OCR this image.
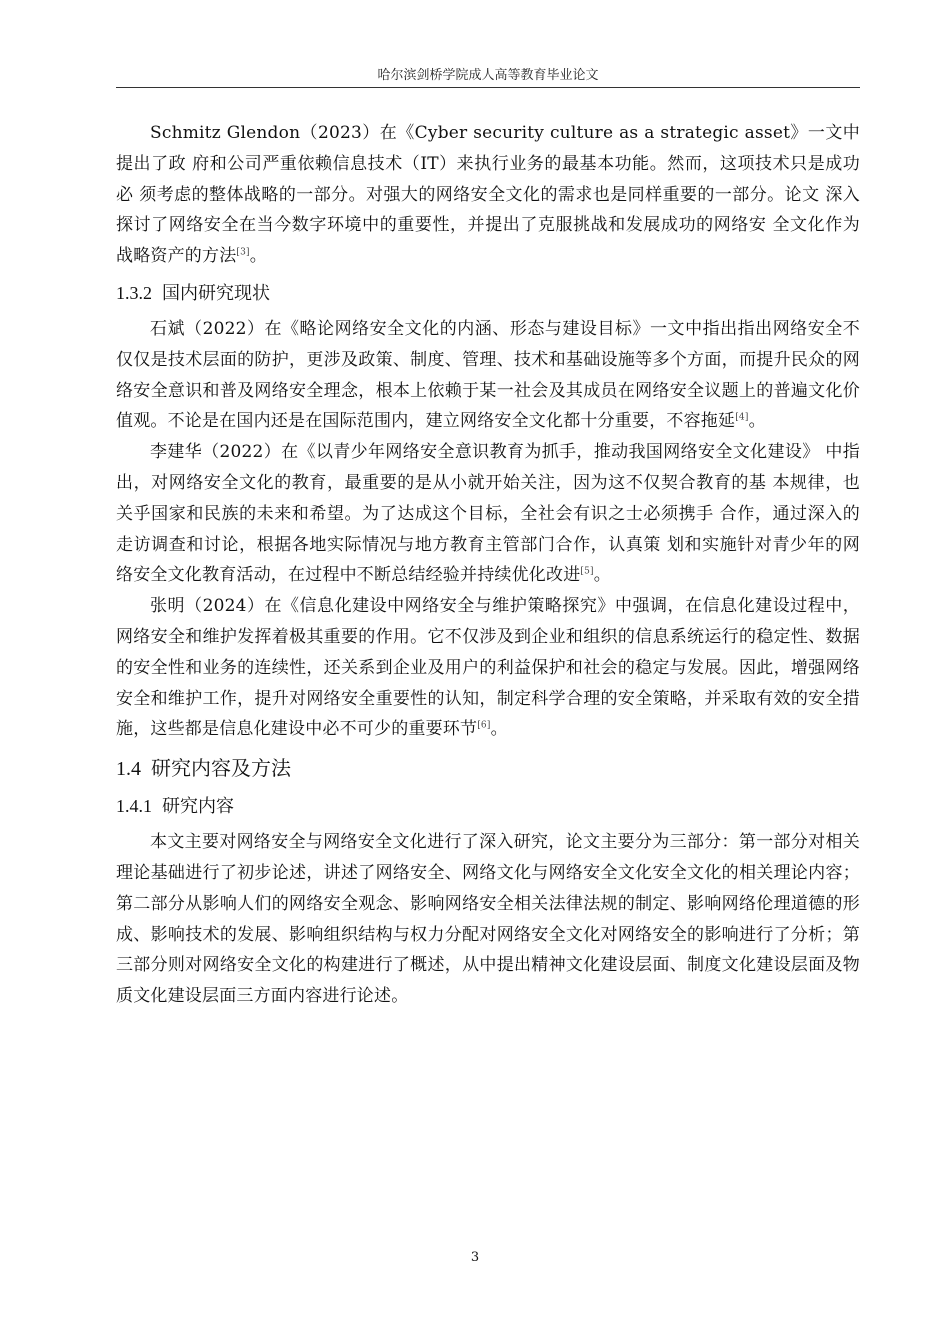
哈尔滨剑桥学院成人高等教育毕业论文

Schmitz Glendon（2023）在《Cyber security culture as a strategic asset》一文中提出了政 府和公司严重依赖信息技术（IT）来执行业务的最基本功能。然而，这项技术只是成功必 须考虑的整体战略的一部分。对强大的网络安全文化的需求也是同样重要的一部分。论文 深入探讨了网络安全在当今数字环境中的重要性，并提出了克服挑战和发展成功的网络安 全文化作为战略资产的方法[3]。

1.3.2 国内研究现状

石斌（2022）在《略论网络安全文化的内涵、形态与建设目标》一文中指出指出网络安全不仅仅是技术层面的防护，更涉及政策、制度、管理、技术和基础设施等多个方面，而提升民众的网络安全意识和普及网络安全理念，根本上依赖于某一社会及其成员在网络安全议题上的普遍文化价值观。不论是在国内还是在国际范围内，建立网络安全文化都十分重要，不容拖延[4]。

李建华（2022）在《以青少年网络安全意识教育为抓手，推动我国网络安全文化建设》 中指出，对网络安全文化的教育，最重要的是从小就开始关注，因为这不仅契合教育的基 本规律，也关乎国家和民族的未来和希望。为了达成这个目标，全社会有识之士必须携手 合作，通过深入的走访调查和讨论，根据各地实际情况与地方教育主管部门合作，认真策 划和实施针对青少年的网络安全文化教育活动，在过程中不断总结经验并持续优化改进[5]。

张明（2024）在《信息化建设中网络安全与维护策略探究》中强调，在信息化建设过程中，网络安全和维护发挥着极其重要的作用。它不仅涉及到企业和组织的信息系统运行的稳定性、数据的安全性和业务的连续性，还关系到企业及用户的利益保护和社会的稳定与发展。因此，增强网络安全和维护工作，提升对网络安全重要性的认知，制定科学合理的安全策略，并采取有效的安全措施，这些都是信息化建设中必不可少的重要环节[6]。

1.4 研究内容及方法
1.4.1 研究内容

本文主要对网络安全与网络安全文化进行了深入研究，论文主要分为三部分：第一部分对相关理论基础进行了初步论述，讲述了网络安全、网络文化与网络安全文化安全文化的相关理论内容；第二部分从影响人们的网络安全观念、影响网络安全相关法律法规的制定、影响网络伦理道德的形成、影响技术的发展、影响组织结构与权力分配对网络安全文化对网络安全的影响进行了分析；第三部分则对网络安全文化的构建进行了概述，从中提出精神文化建设层面、制度文化建设层面及物质文化建设层面三方面内容进行论述。

3
